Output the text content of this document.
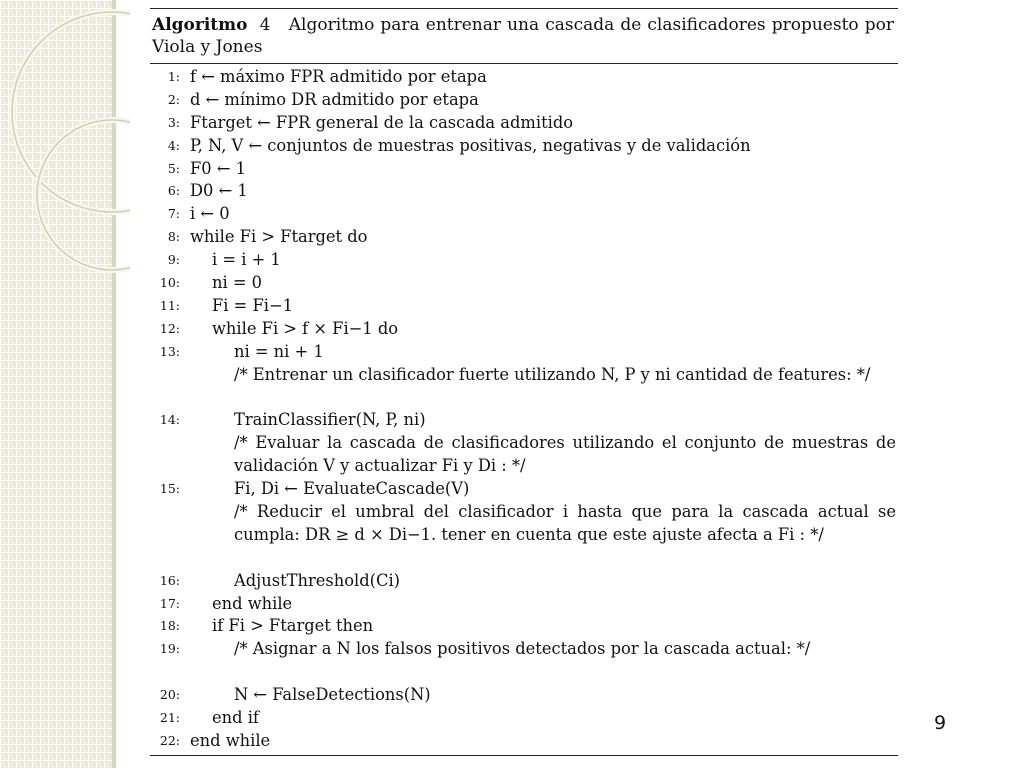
Algoritmo 4 Algoritmo para entrenar una cascada de clasificadores propuesto por Viola y Jones
1: f ← máximo FPR admitido por etapa
2: d ← mínimo DR admitido por etapa
3: Ftarget ← FPR general de la cascada admitido
4: P, N, V ← conjuntos de muestras positivas, negativas y de validación
5: F0 ← 1
6: D0 ← 1
7: i ← 0
8: while Fi > Ftarget do
9: i = i + 1
10: ni = 0
11: Fi = Fi−1
12: while Fi > f × Fi−1 do
13:	ni = ni + 1
/* Entrenar un clasificador fuerte utilizando N, P y ni cantidad de features: */
14:	TrainClassifier(N, P, ni)
/* Evaluar la cascada de clasificadores utilizando el conjunto de muestras de validación V y actualizar Fi y Di : */
15:	Fi, Di ← EvaluateCascade(V)
/* Reducir el umbral del clasificador i hasta que para la cascada actual se cumpla: DR ≥ d × Di−1. tener en cuenta que este ajuste afecta a Fi : */
16:	AdjustThreshold(Ci)
17: end while
18: if Fi > Ftarget then
19:	/* Asignar a N los falsos positivos detectados por la cascada actual: */
20:	N ← FalseDetections(N)
21: end if
22: end while
9
